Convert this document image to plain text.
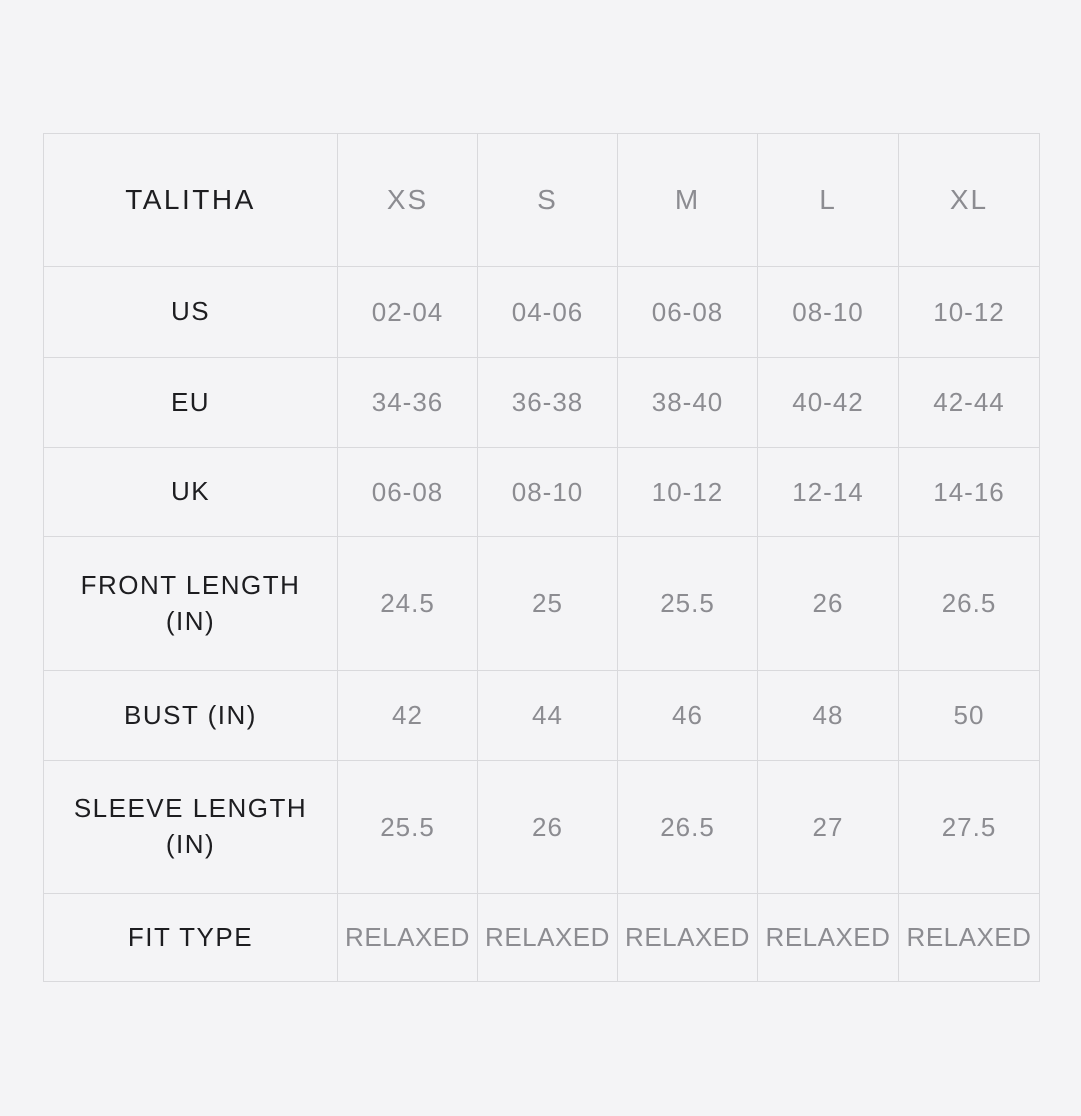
TALITHA	XS	S	M	L	XL
US	02-04	04-06	06-08	08-10	10-12
EU	34-36	36-38	38-40	40-42	42-44
UK	06-08	08-10	10-12	12-14	14-16
FRONT LENGTH (IN)	24.5	25	25.5	26	26.5
BUST (IN)	42	44	46	48	50
SLEEVE LENGTH (IN)	25.5	26	26.5	27	27.5
FIT TYPE	RELAXED	RELAXED	RELAXED	RELAXED	RELAXED
